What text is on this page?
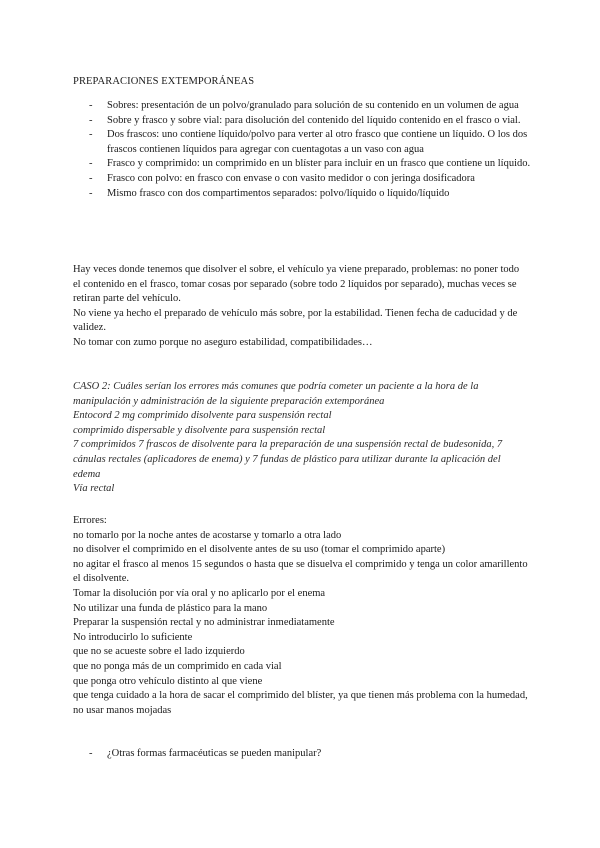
PREPARACIONES EXTEMPORÁNEAS
- Sobres: presentación de un polvo/granulado para solución de su contenido en un volumen de agua
- Sobre y frasco y sobre vial: para disolución del contenido del líquido contenido en el frasco o vial.
- Dos frascos: uno contiene líquido/polvo para verter al otro frasco que contiene un líquido. O los dos frascos contienen líquidos para agregar con cuentagotas a un vaso con agua
- Frasco y comprimido: un comprimido en un blíster para incluir en un frasco que contiene un líquido.
- Frasco con polvo: en frasco con envase o con vasito medidor o con jeringa dosificadora
- Mismo frasco con dos compartimentos separados: polvo/líquido o líquido/líquido
Hay veces donde tenemos que disolver el sobre, el vehículo ya viene preparado, problemas: no poner todo el contenido en el frasco, tomar cosas por separado (sobre todo 2 líquidos por separado), muchas veces se retiran parte del vehículo.
No viene ya hecho el preparado de vehículo más sobre, por la estabilidad. Tienen fecha de caducidad y de validez.
No tomar con zumo porque no aseguro estabilidad, compatibilidades…
CASO 2: Cuáles serían los errores más comunes que podría cometer un paciente a la hora de la manipulación y administración de la siguiente preparación extemporánea
Entocord 2 mg comprimido disolvente para suspensión rectal
comprimido dispersable y disolvente para suspensión rectal
7 comprimidos 7 frascos de disolvente para la preparación de una suspensión rectal de budesonida, 7 cánulas rectales (aplicadores de enema) y 7 fundas de plástico para utilizar durante la aplicación del edema
Vía rectal
Errores:
no tomarlo por la noche antes de acostarse y tomarlo a otra lado
no disolver el comprimido en el disolvente antes de su uso (tomar el comprimido aparte)
no agitar el frasco al menos 15 segundos o hasta que se disuelva el comprimido y tenga un color amarillento el disolvente.
Tomar la disolución por vía oral y no aplicarlo por el enema
No utilizar una funda de plástico para la mano
Preparar la suspensión rectal y no administrar inmediatamente
No introducirlo lo suficiente
que no se acueste sobre el lado izquierdo
que no ponga más de un comprimido en cada vial
que ponga otro vehículo distinto al que viene
que tenga cuidado a la hora de sacar el comprimido del blíster, ya que tienen más problema con la humedad, no usar manos mojadas
- ¿Otras formas farmacéuticas se pueden manipular?
